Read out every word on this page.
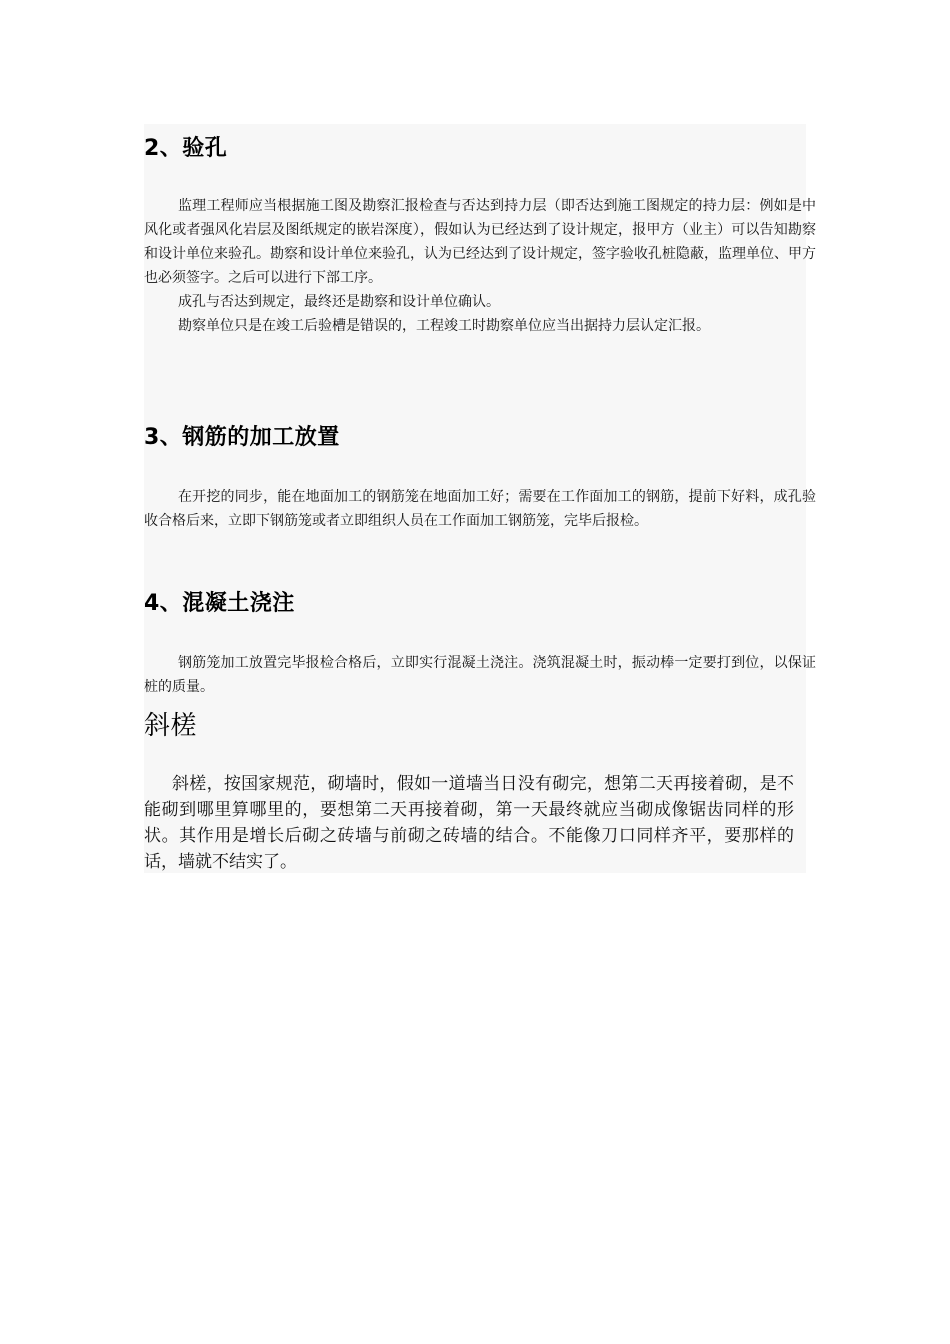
2、验孔

监理工程师应当根据施工图及勘察汇报检查与否达到持力层（即否达到施工图规定的持力层：例如是中风化或者强风化岩层及图纸规定的嵌岩深度），假如认为已经达到了设计规定，报甲方（业主）可以告知勘察和设计单位来验孔。勘察和设计单位来验孔，认为已经达到了设计规定，签字验收孔桩隐蔽，监理单位、甲方也必须签字。之后可以进行下部工序。

成孔与否达到规定，最终还是勘察和设计单位确认。

勘察单位只是在竣工后验槽是错误的，工程竣工时勘察单位应当出据持力层认定汇报。

3、钢筋的加工放置

在开挖的同步，能在地面加工的钢筋笼在地面加工好；需要在工作面加工的钢筋，提前下好料，成孔验收合格后来，立即下钢筋笼或者立即组织人员在工作面加工钢筋笼，完毕后报检。

4、混凝土浇注

钢筋笼加工放置完毕报检合格后，立即实行混凝土浇注。浇筑混凝土时，振动棒一定要打到位，以保证桩的质量。

斜槎

斜槎，按国家规范，砌墙时，假如一道墙当日没有砌完，想第二天再接着砌，是不能砌到哪里算哪里的，要想第二天再接着砌，第一天最终就应当砌成像锯齿同样的形状。其作用是增长后砌之砖墙与前砌之砖墙的结合。不能像刀口同样齐平，要那样的话，墙就不结实了。
